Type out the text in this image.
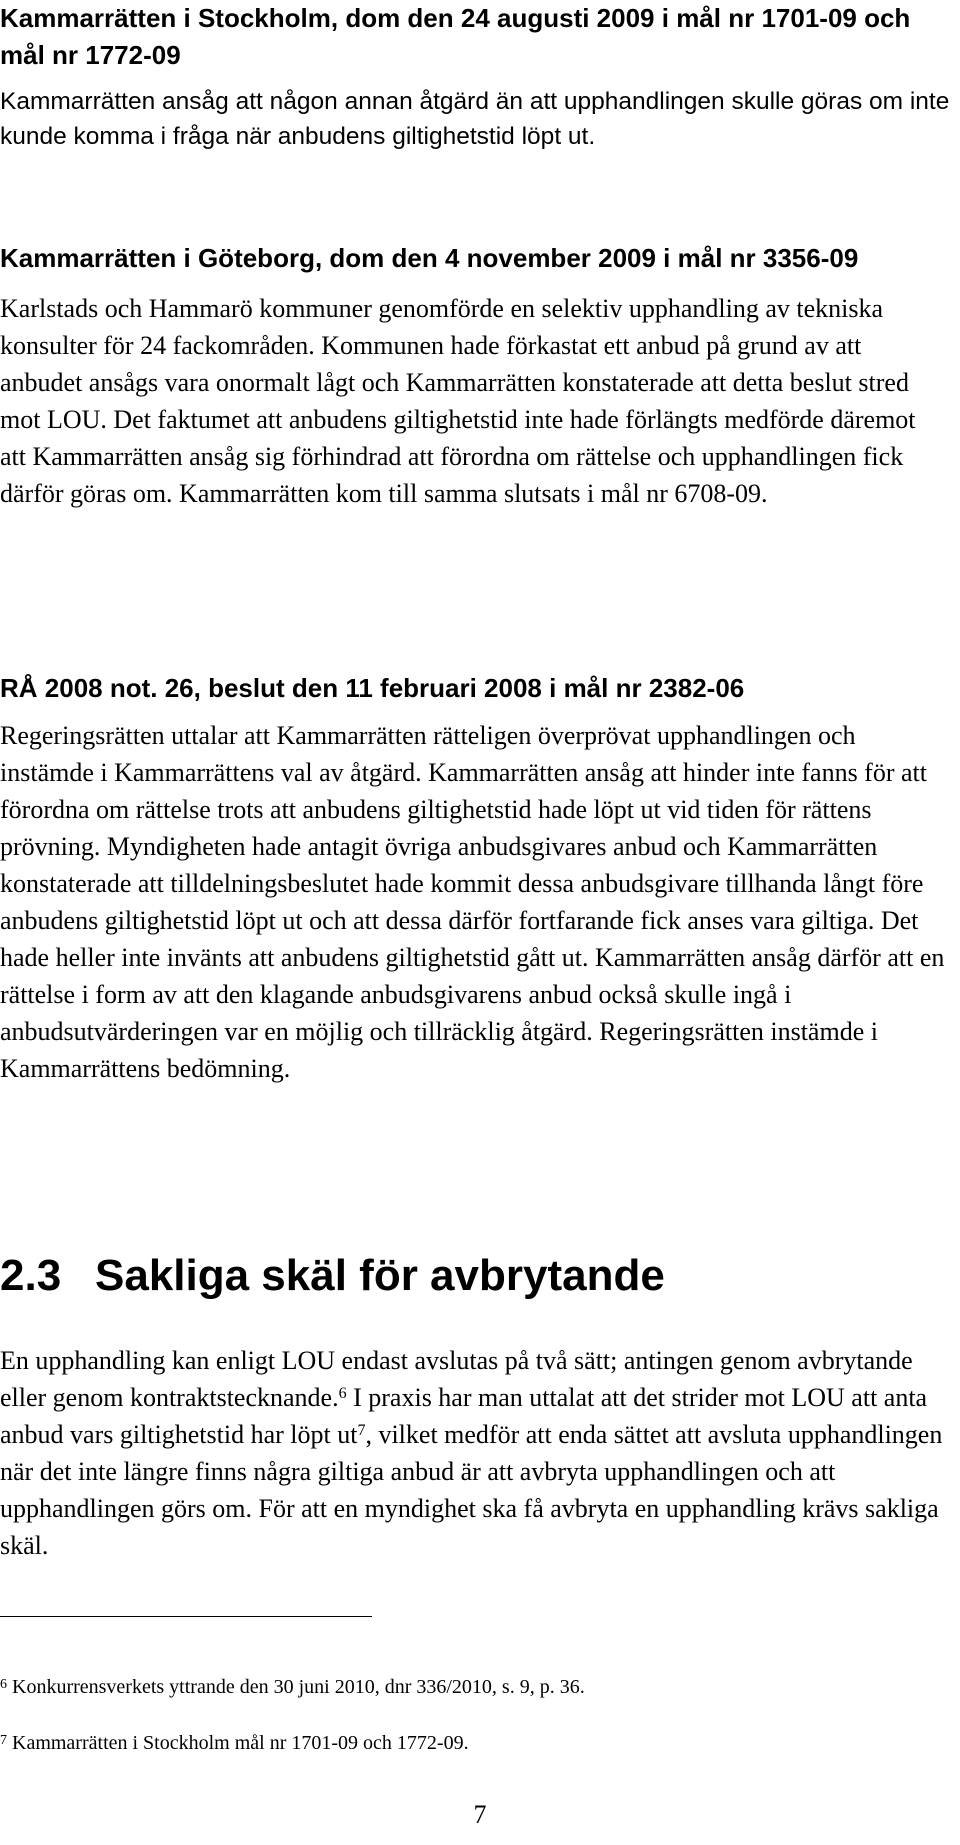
Kammarrätten i Stockholm, dom den 24 augusti 2009 i mål nr 1701-09 och mål nr 1772-09

Kammarrätten ansåg att någon annan åtgärd än att upphandlingen skulle göras om inte kunde komma i fråga när anbudens giltighetstid löpt ut.

Kammarrätten i Göteborg, dom den 4 november 2009 i mål nr 3356-09

Karlstads och Hammarö kommuner genomförde en selektiv upphandling av tekniska konsulter för 24 fackområden. Kommunen hade förkastat ett anbud på grund av att anbudet ansågs vara onormalt lågt och Kammarrätten konstaterade att detta beslut stred mot LOU. Det faktumet att anbudens giltighetstid inte hade förlängts medförde däremot att Kammarrätten ansåg sig förhindrad att förordna om rättelse och upphandlingen fick därför göras om. Kammarrätten kom till samma slutsats i mål nr 6708-09.

RÅ 2008 not. 26, beslut den 11 februari 2008 i mål nr 2382-06

Regeringsrätten uttalar att Kammarrätten rätteligen överprövat upphandlingen och instämde i Kammarrättens val av åtgärd. Kammarrätten ansåg att hinder inte fanns för att förordna om rättelse trots att anbudens giltighetstid hade löpt ut vid tiden för rättens prövning. Myndigheten hade antagit övriga anbudsgivares anbud och Kammarrätten konstaterade att tilldelningsbeslutet hade kommit dessa anbudsgivare tillhanda långt före anbudens giltighetstid löpt ut och att dessa därför fortfarande fick anses vara giltiga. Det hade heller inte invänts att anbudens giltighetstid gått ut. Kammarrätten ansåg därför att en rättelse i form av att den klagande anbudsgivarens anbud också skulle ingå i anbudsutvärderingen var en möjlig och tillräcklig åtgärd. Regeringsrätten instämde i Kammarrättens bedömning.

2.3 Sakliga skäl för avbrytande

En upphandling kan enligt LOU endast avslutas på två sätt; antingen genom avbrytande eller genom kontraktstecknande.$^6$ I praxis har man uttalat att det strider mot LOU att anta anbud vars giltighetstid har löpt $ut^7$, vilket medför att enda sättet att avsluta upphandlingen när det inte längre finns några giltiga anbud är att avbryta upphandlingen och att upphandlingen görs om. För att en myndighet ska få avbryta en upphandling krävs sakliga skäl.

$^6$ Konkurrensverkets yttrande den 30 juni 2010, dnr 336/2010, s. 9, p. 36.
$^7$ Kammarrätten i Stockholm mål nr 1701-09 och 1772-09.
7
